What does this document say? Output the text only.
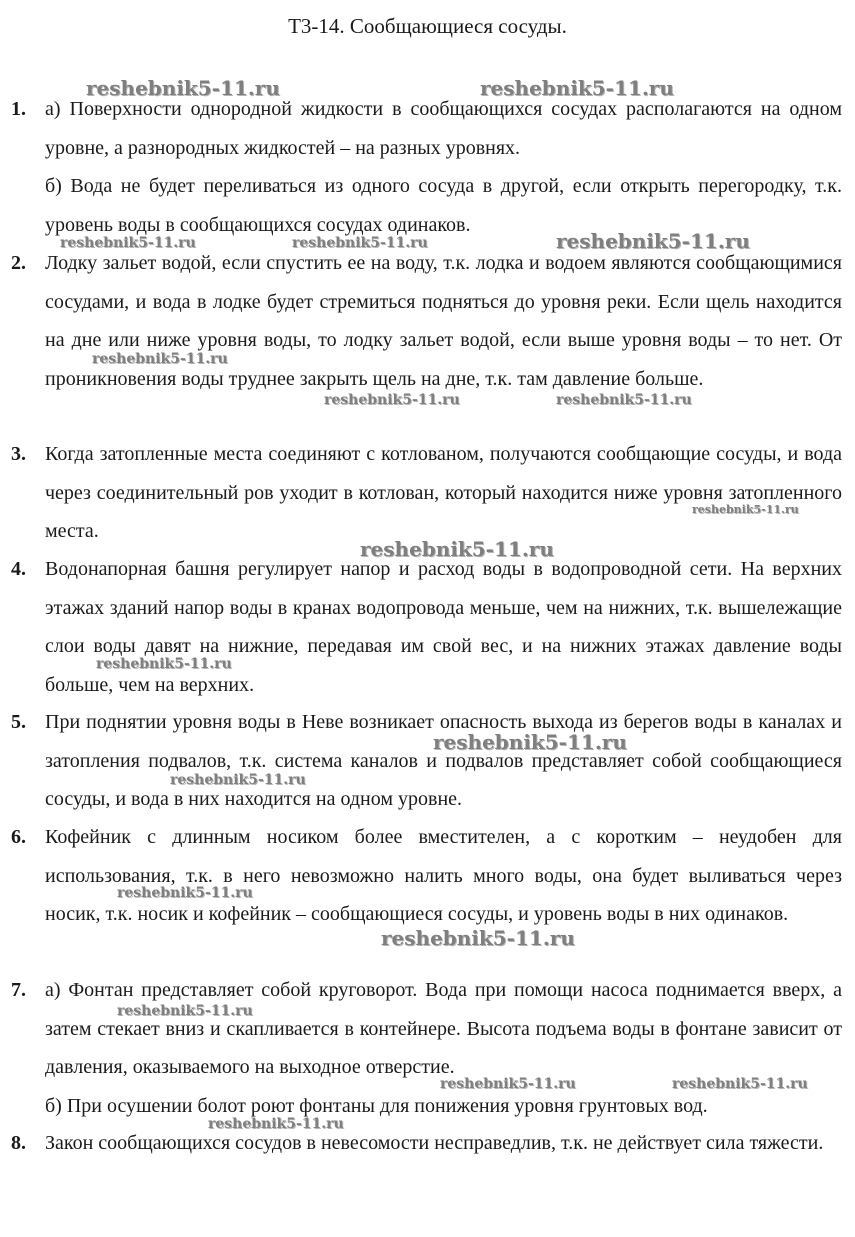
Т3-14. Сообщающиеся сосуды.
1. а) Поверхности однородной жидкости в сообщающихся сосудах располагаются на одном уровне, а разнородных жидкостей – на разных уровнях.

б) Вода не будет переливаться из одного сосуда в другой, если открыть перегородку, т.к. уровень воды в сообщающихся сосудах одинаков.

2. Лодку зальет водой, если спустить ее на воду, т.к. лодка и водоем являются сообщающимися сосудами, и вода в лодке будет стремиться подняться до уровня реки. Если щель находится на дне или ниже уровня воды, то лодку зальет водой, если выше уровня воды – то нет. От проникновения воды труднее закрыть щель на дне, т.к. там давление больше.

3. Когда затопленные места соединяют с котлованом, получаются сообщающие сосуды, и вода через соединительный ров уходит в котлован, который находится ниже уровня затопленного места.

4. Водонапорная башня регулирует напор и расход воды в водопроводной сети. На верхних этажах зданий напор воды в кранах водопровода меньше, чем на нижних, т.к. вышележащие слои воды давят на нижние, передавая им свой вес, и на нижних этажах давление воды больше, чем на верхних.

5. При поднятии уровня воды в Неве возникает опасность выхода из берегов воды в каналах и затопления подвалов, т.к. система каналов и подвалов представляет собой сообщающиеся сосуды, и вода в них находится на одном уровне.

6. Кофейник с длинным носиком более вместителен, а с коротким – неудобен для использования, т.к. в него невозможно налить много воды, она будет выливаться через носик, т.к. носик и кофейник – сообщающиеся сосуды, и уровень воды в них одинаков.

7. а) Фонтан представляет собой круговорот. Вода при помощи насоса поднимается вверх, а затем стекает вниз и скапливается в контейнере. Высота подъема воды в фонтане зависит от давления, оказываемого на выходное отверстие.

б) При осушении болот роют фонтаны для понижения уровня грунтовых вод.

8. Закон сообщающихся сосудов в невесомости несправедлив, т.к. не действует сила тяжести.

reshebnik5-11.ru	reshebnik5-11.ru
reshebnik5-11.ru	reshebnik5-11.ru	reshebnik5-11.ru
reshebnik5-11.ru
reshebnik5-11.ru	reshebnik5-11.ru
reshebnik5-11.ru
reshebnik5-11.ru
reshebnik5-11.ru
reshebnik5-11.ru
reshebnik5-11.ru
reshebnik5-11.ru
reshebnik5-11.ru
reshebnik5-11.ru
reshebnik5-11.ru	reshebnik5-11.ru
reshebnik5-11.ru
